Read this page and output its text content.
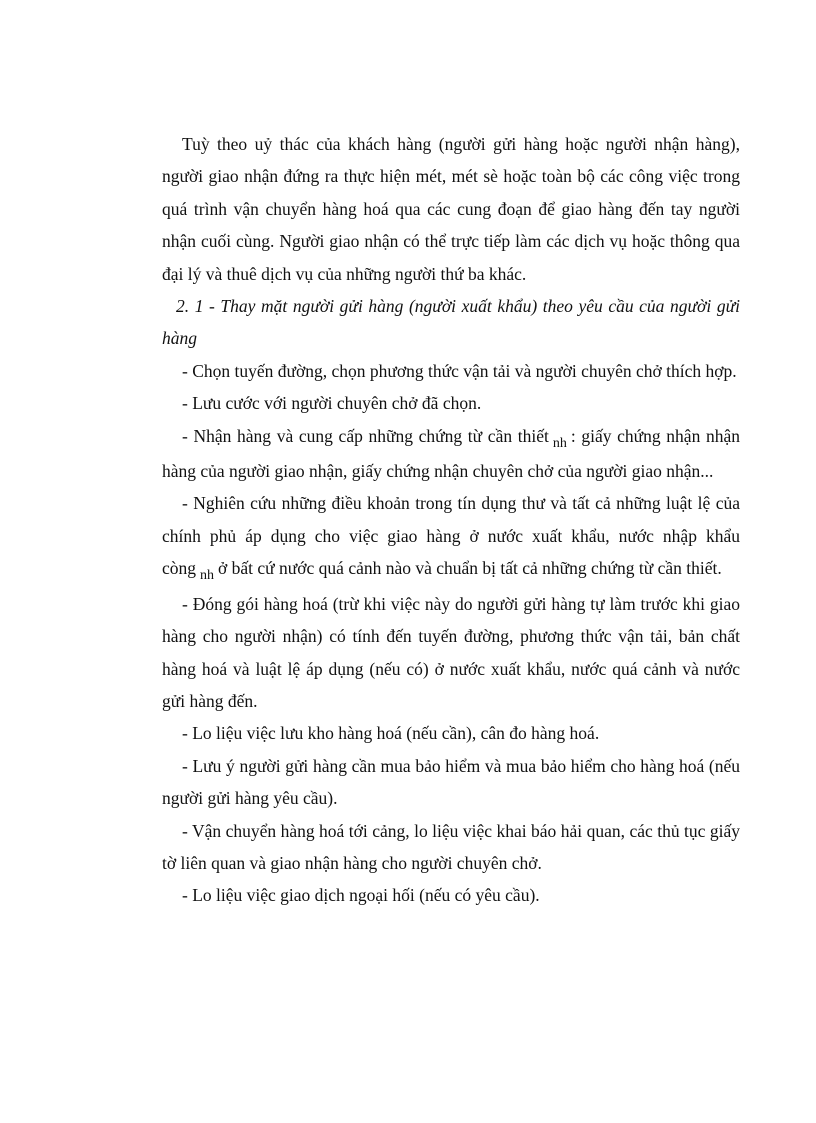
Tuỳ theo uỷ thác của khách hàng (người gửi hàng hoặc người nhận hàng), người giao nhận đứng ra thực hiện mét, mét sè hoặc toàn bộ các công việc trong quá trình vận chuyển hàng hoá qua các cung đoạn để giao hàng đến tay người nhận cuối cùng. Người giao nhận có thể trực tiếp làm các dịch vụ hoặc thông qua đại lý và thuê dịch vụ của những người thứ ba khác.

2. 1 - Thay mặt người gửi hàng (người xuất khẩu) theo yêu cầu của người gửi hàng

- Chọn tuyến đường, chọn phương thức vận tải và người chuyên chở thích hợp.

- Lưu cước với người chuyên chở đã chọn.

- Nhận hàng và cung cấp những chứng từ cần thiết $_{nh}$ : giấy chứng nhận nhận hàng của người giao nhận, giấy chứng nhận chuyên chở của người giao nhận...

- Nghiên cứu những điều khoản trong tín dụng thư và tất cả những luật lệ của chính phủ áp dụng cho việc giao hàng ở nước xuất khẩu, nước nhập khẩu còng $_{nh}$ ở bất cứ nước quá cảnh nào và chuẩn bị tất cả những chứng từ cần thiết.

- Đóng gói hàng hoá (trừ khi việc này do người gửi hàng tự làm trước khi giao hàng cho người nhận) có tính đến tuyến đường, phương thức vận tải, bản chất hàng hoá và luật lệ áp dụng (nếu có) ở nước xuất khẩu, nước quá cảnh và nước gửi hàng đến.

- Lo liệu việc lưu kho hàng hoá (nếu cần), cân đo hàng hoá.

- Lưu ý người gửi hàng cần mua bảo hiểm và mua bảo hiểm cho hàng hoá (nếu người gửi hàng yêu cầu).

- Vận chuyển hàng hoá tới cảng, lo liệu việc khai báo hải quan, các thủ tục giấy tờ liên quan và giao nhận hàng cho người chuyên chở.

- Lo liệu việc giao dịch ngoại hối (nếu có yêu cầu).
